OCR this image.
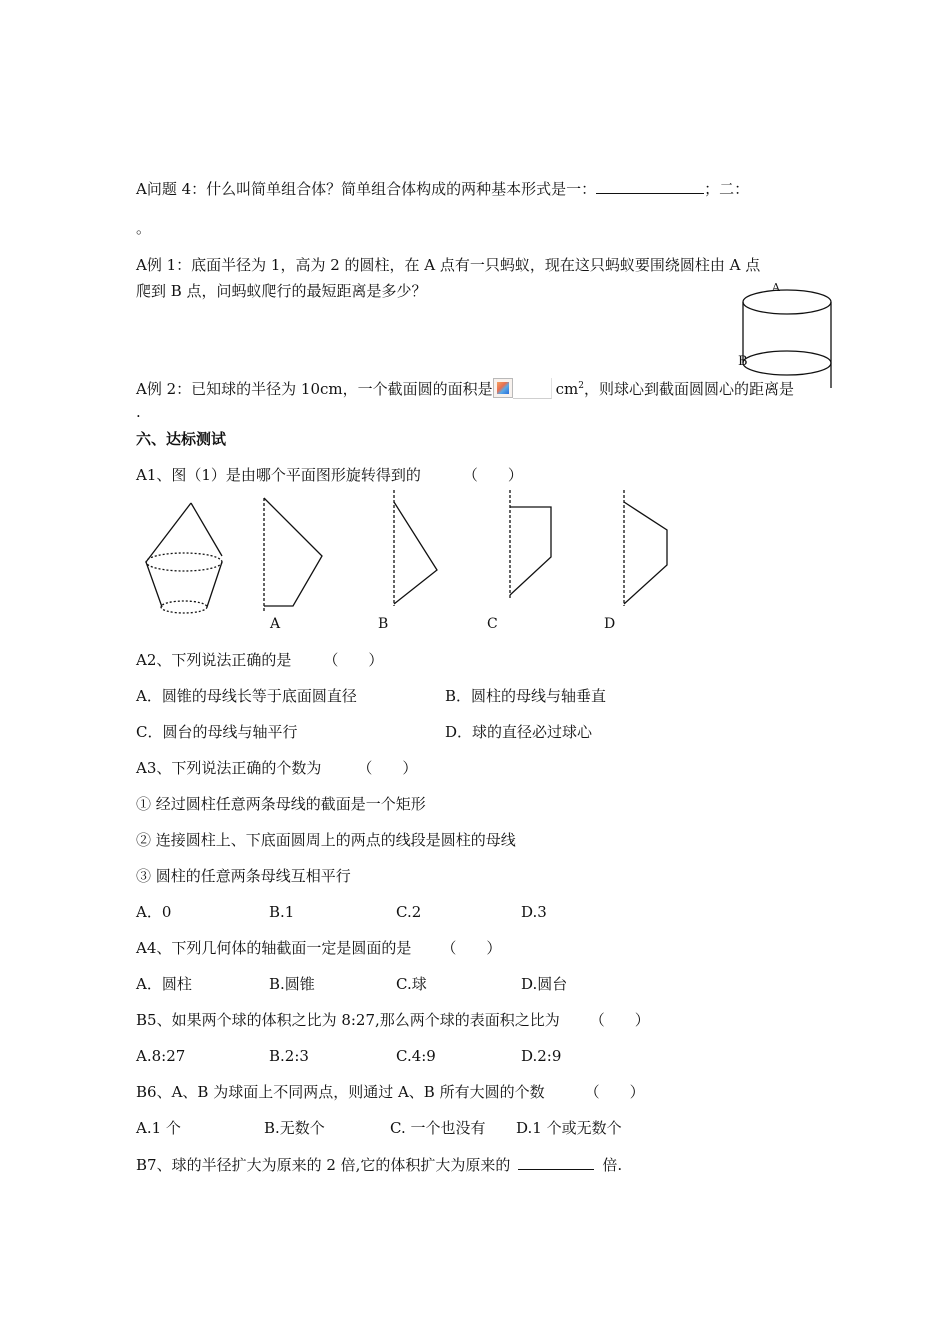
A问题 4：什么叫简单组合体？简单组合体构成的两种基本形式是一：	；二：
。
A例 1：底面半径为 1，高为 2 的圆柱，在 A 点有一只蚂蚁，现在这只蚂蚁要围绕圆柱由 A 点
爬到 B 点，问蚂蚁爬行的最短距离是多少？	A
B
A例 2：已知球的半径为 10cm，一个截面圆的面积是	$cm^2$，则球心到截面圆圆心的距离是
.
六、达标测试
A1、图（1）是由哪个平面图形旋转得到的	（　　）
A	B	C	D
A2、下列说法正确的是 （　　）
A．圆锥的母线长等于底面圆直径	B．圆柱的母线与轴垂直
C．圆台的母线与轴平行	D．球的直径必过球心
A3、下列说法正确的个数为 （　　）
① 经过圆柱任意两条母线的截面是一个矩形
② 连接圆柱上、下底面圆周上的两点的线段是圆柱的母线
③ 圆柱的任意两条母线互相平行
A．0	B.1	C.2	D.3
A4、下列几何体的轴截面一定是圆面的是 （　　）
A．圆柱	B.圆锥	C.球	D.圆台
B5、如果两个球的体积之比为 8:27,那么两个球的表面积之比为 （　　）
A.8:27	B.2:3	C.4:9	D.2:9
B6、A、B 为球面上不同两点，则通过 A、B 所有大圆的个数	（　　）
A.1 个	B.无数个	C. 一个也没有 D.1 个或无数个
B7、球的半径扩大为原来的 2 倍,它的体积扩大为原来的	倍.
